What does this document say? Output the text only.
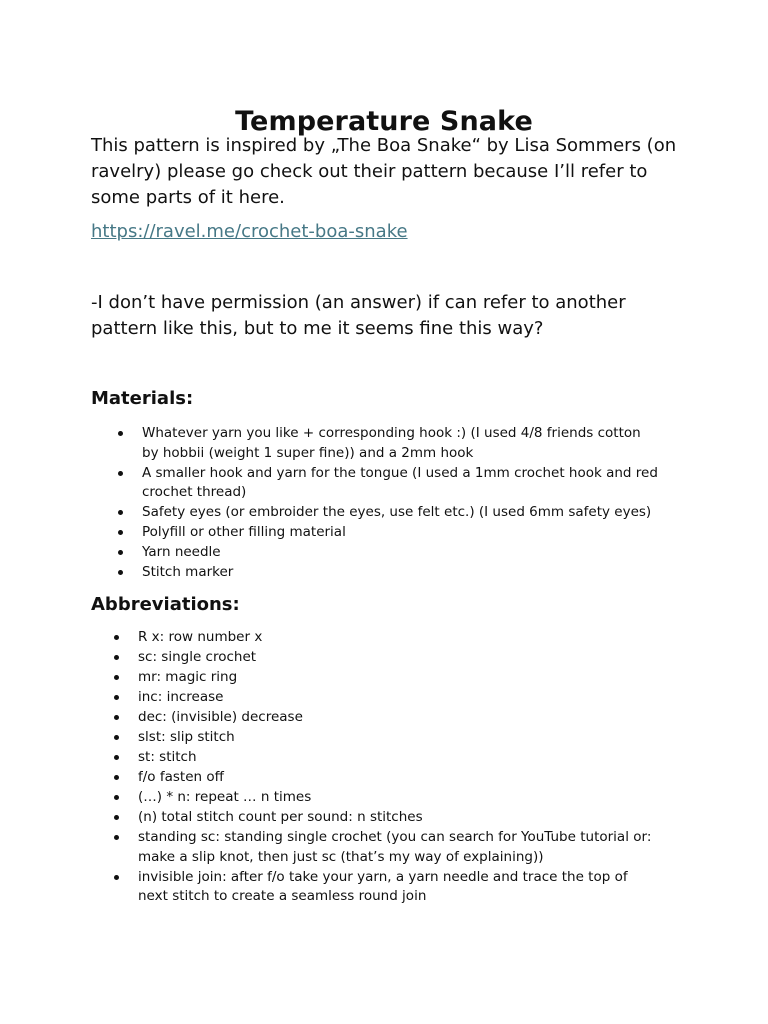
Temperature Snake

This pattern is inspired by „The Boa Snake“ by Lisa Sommers (on ravelry) please go check out their pattern because I’ll refer to some parts of it here.

https://ravel.me/crochet-boa-snake

-I don’t have permission (an answer) if can refer to another pattern like this, but to me it seems fine this way?

Materials:
Whatever yarn you like + corresponding hook :) (I used 4/8 friends cotton by hobbii (weight 1 super fine)) and a 2mm hook
A smaller hook and yarn for the tongue (I used a 1mm crochet hook and red crochet thread)
Safety eyes (or embroider the eyes, use felt etc.) (I used 6mm safety eyes)
Polyfill or other filling material
Yarn needle
Stitch marker
Abbreviations:
R x: row number x
sc: single crochet
mr: magic ring
inc: increase
dec: (invisible) decrease
slst: slip stitch
st: stitch
f/o fasten off
(…) * n: repeat … n times
(n) total stitch count per sound: n stitches
standing sc: standing single crochet (you can search for YouTube tutorial or: make a slip knot, then just sc (that’s my way of explaining))
invisible join: after f/o take your yarn, a yarn needle and trace the top of next stitch to create a seamless round join
